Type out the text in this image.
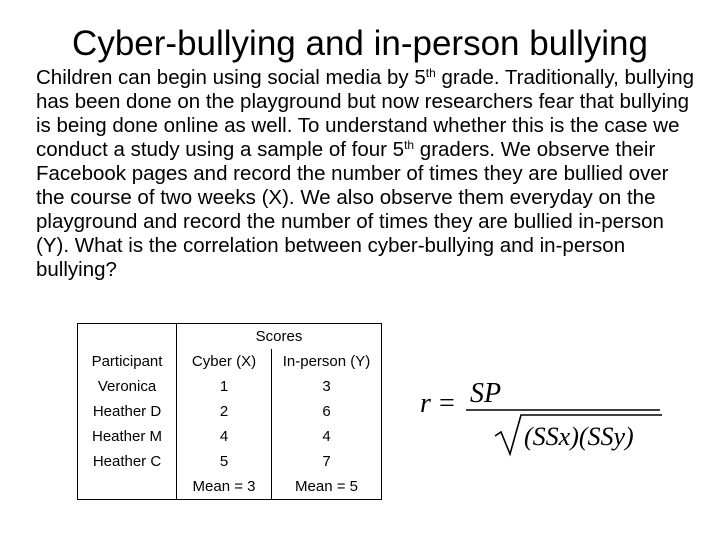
Cyber-bullying and in-person bullying

Children can begin using social media by 5th grade. Traditionally, bullying has been done on the playground but now researchers fear that bullying is being done online as well. To understand whether this is the case we conduct a study using a sample of four 5th graders. We observe their Facebook pages and record the number of times they are bullied over the course of two weeks (X). We also observe them everyday on the playground and record the number of times they are bullied in-person (Y). What is the correlation between cyber-bullying and in-person bullying?

	Scores	
Participant	Cyber (X)	In-person (Y)
Veronica	1	3
Heather D	2	6
Heather M	4	4
Heather C	5	7
	Mean = 3	Mean = 5
r = SP
(SSx)(SSy)
